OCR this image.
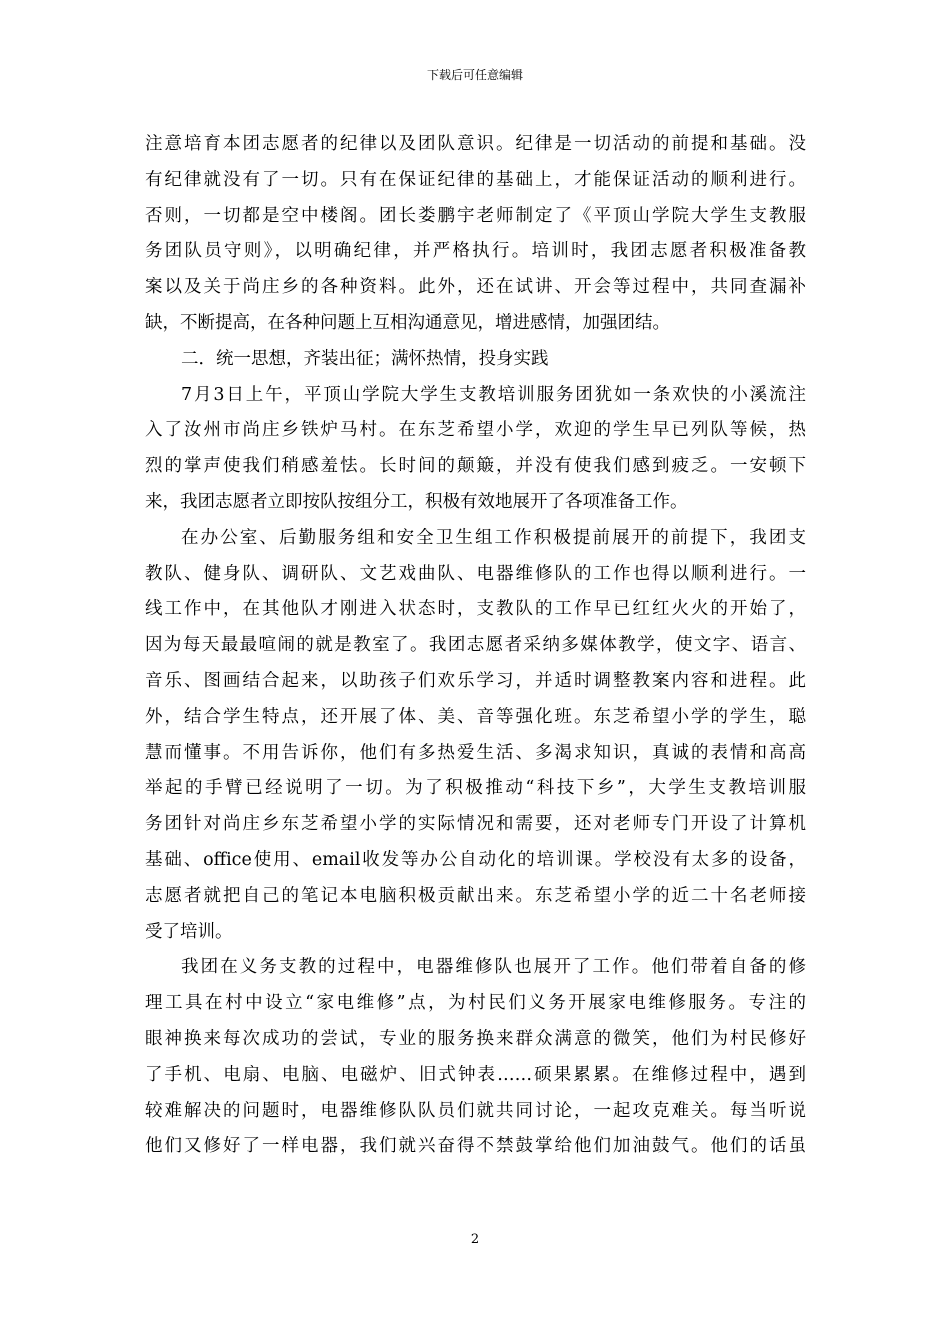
下载后可任意编辑
注意培育本团志愿者的纪律以及团队意识。纪律是一切活动的前提和基础。没
有纪律就没有了一切。只有在保证纪律的基础上，才能保证活动的顺利进行。
否则，一切都是空中楼阁。团长娄鹏宇老师制定了《平顶山学院大学生支教服
务团队员守则》，以明确纪律，并严格执行。培训时，我团志愿者积极准备教
案以及关于尚庄乡的各种资料。此外，还在试讲、开会等过程中，共同查漏补
缺，不断提高，在各种问题上互相沟通意见，增进感情，加强团结。
二．统一思想，齐装出征；满怀热情，投身实践
7月3日上午，平顶山学院大学生支教培训服务团犹如一条欢快的小溪流注
入了汝州市尚庄乡铁炉马村。在东芝希望小学，欢迎的学生早已列队等候，热
烈的掌声使我们稍感羞怯。长时间的颠簸，并没有使我们感到疲乏。一安顿下
来，我团志愿者立即按队按组分工，积极有效地展开了各项准备工作。
在办公室、后勤服务组和安全卫生组工作积极提前展开的前提下，我团支
教队、健身队、调研队、文艺戏曲队、电器维修队的工作也得以顺利进行。一
线工作中，在其他队才刚进入状态时，支教队的工作早已红红火火的开始了，
因为每天最最喧闹的就是教室了。我团志愿者采纳多媒体教学，使文字、语言、
音乐、图画结合起来，以助孩子们欢乐学习，并适时调整教案内容和进程。此
外，结合学生特点，还开展了体、美、音等强化班。东芝希望小学的学生，聪
慧而懂事。不用告诉你，他们有多热爱生活、多渴求知识，真诚的表情和高高
举起的手臂已经说明了一切。为了积极推动“科技下乡”，大学生支教培训服
务团针对尚庄乡东芝希望小学的实际情况和需要，还对老师专门开设了计算机
基础、office使用、email收发等办公自动化的培训课。学校没有太多的设备，
志愿者就把自己的笔记本电脑积极贡献出来。东芝希望小学的近二十名老师接
受了培训。
我团在义务支教的过程中，电器维修队也展开了工作。他们带着自备的修
理工具在村中设立“家电维修”点，为村民们义务开展家电维修服务。专注的
眼神换来每次成功的尝试，专业的服务换来群众满意的微笑，他们为村民修好
了手机、电扇、电脑、电磁炉、旧式钟表……硕果累累。在维修过程中，遇到
较难解决的问题时，电器维修队队员们就共同讨论，一起攻克难关。每当听说
他们又修好了一样电器，我们就兴奋得不禁鼓掌给他们加油鼓气。他们的话虽
2
